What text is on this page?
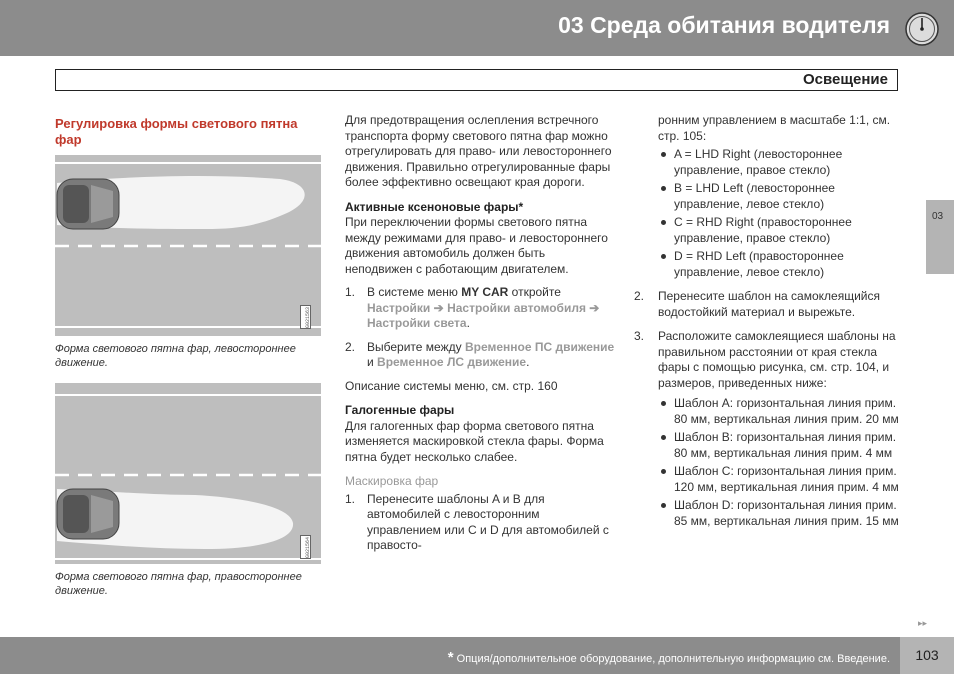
03 Среда обитания водителя
Освещение
03

Регулировка формы светового пятна фар

G021563

Форма светового пятна фар, левостороннее движение.

G021564

Форма светового пятна фар, правостороннее движение.

Для предотвращения ослепления встречного транспорта форму светового пятна фар можно отрегулировать для право- или левостороннего движения. Правильно отрегулированные фары более эффективно освещают края дороги.

Активные ксеноновые фары*

При переключении формы светового пятна между режимами для право- и левостороннего движения автомобиль должен быть неподвижен с работающим двигателем.

1. В системе меню MY CAR откройте Настройки ➔ Настройки автомобиля ➔ Настройки света.
2. Выберите между Временное ПС движение и Временное ЛС движение.

Описание системы меню, см. стр. 160

Галогенные фары

Для галогенных фар форма светового пятна изменяется маскировкой стекла фары. Форма пятна будет несколько слабее.

Маскировка фар

1. Перенесите шаблоны A и B для автомобилей с левосторонним управлением или C и D для автомобилей с правосто-

ронним управлением в масштабе 1:1, см. стр. 105:

A = LHD Right (левостороннее управление, правое стекло)
B = LHD Left (левостороннее управление, левое стекло)
C = RHD Right (правостороннее управление, правое стекло)
D = RHD Left (правостороннее управление, левое стекло)
2. Перенесите шаблон на самоклеящийся водостойкий материал и вырежьте.
3. Расположите самоклеящиеся шаблоны на правильном расстоянии от края стекла фары с помощью рисунка, см. стр. 104, и размеров, приведенных ниже:
Шаблон A: горизонтальная линия прим. 80 мм, вертикальная линия прим. 20 мм
Шаблон B: горизонтальная линия прим. 80 мм, вертикальная линия прим. 4 мм
Шаблон C: горизонтальная линия прим. 120 мм, вертикальная линия прим. 4 мм
Шаблон D: горизонтальная линия прим. 85 мм, вертикальная линия прим. 15 мм
▸▸
* Опция/дополнительное оборудование, дополнительную информацию см. Введение.	103
